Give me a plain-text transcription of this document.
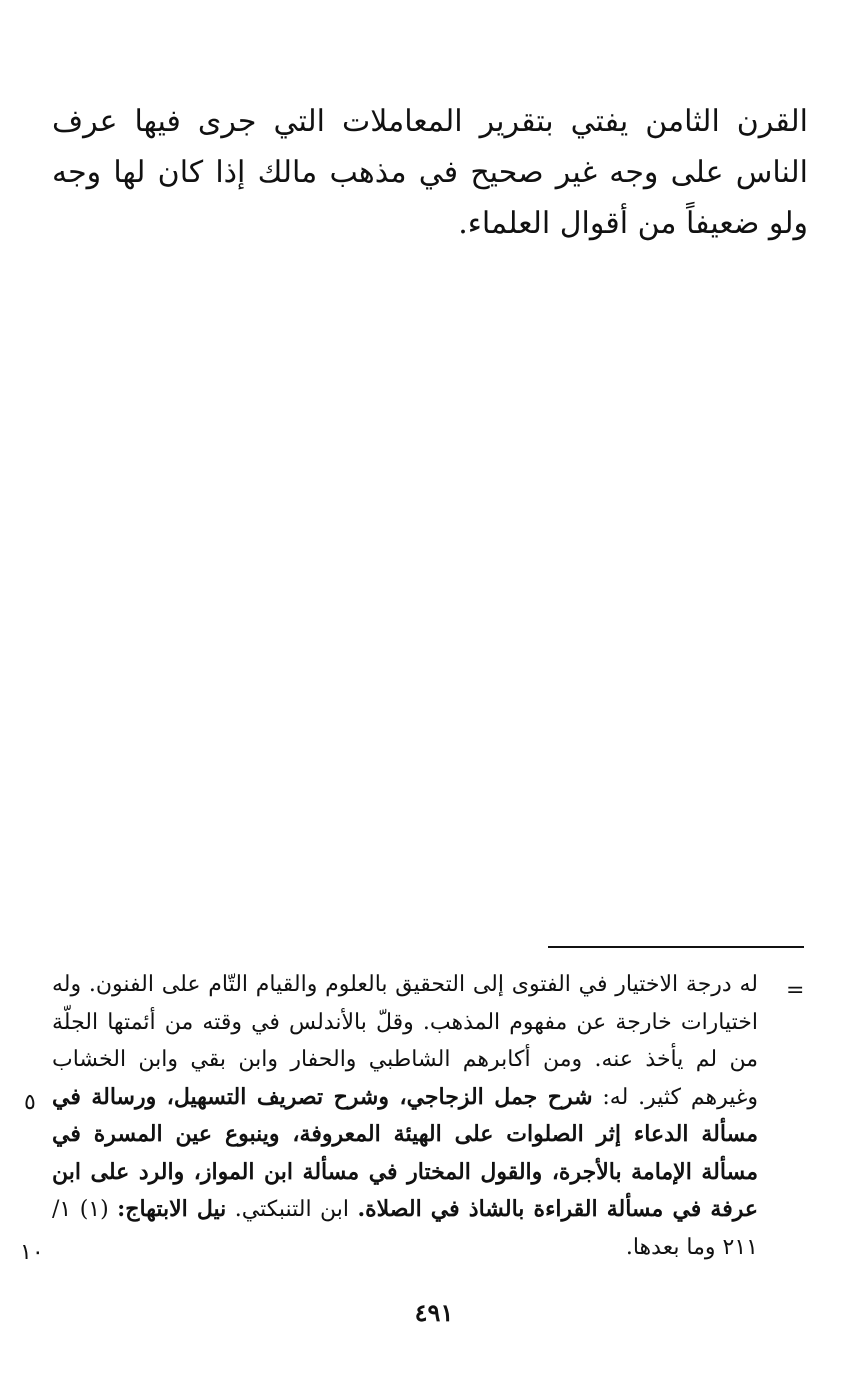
القرن الثامن يفتي بتقرير المعاملات التي جرى فيها عرف الناس على وجه غير صحيح في مذهب مالك إذا كان لها وجه ولو ضعيفاً من أقوال العلماء.

=

له درجة الاختيار في الفتوى إلى التحقيق بالعلوم والقيام التّام على الفنون. وله اختيارات خارجة عن مفهوم المذهب. وقلّ بالأندلس في وقته من أئمتها الجلّة من لم يأخذ عنه. ومن أكابرهم الشاطبي والحفار وابن بقي وابن الخشاب وغيرهم كثير. له: شرح جمل الزجاجي، وشرح تصريف التسهيل، ورسالة في مسألة الدعاء إثر الصلوات على الهيئة المعروفة، وينبوع عين المسرة في مسألة الإمامة بالأجرة، والقول المختار في مسألة ابن المواز، والرد على ابن عرفة في مسألة القراءة بالشاذ في الصلاة. ابن التنبكتي. نيل الابتهاج: (١) ١/ ٢١١ وما بعدها.

٥
١٠
٤٩١
